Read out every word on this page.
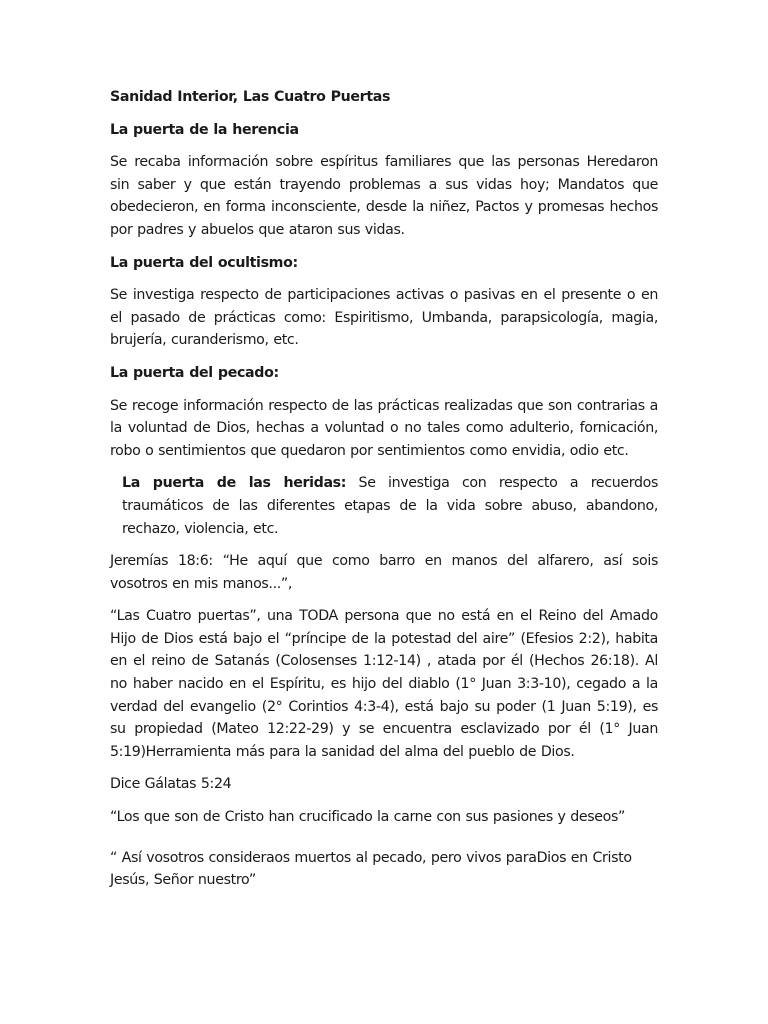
Sanidad Interior, Las Cuatro Puertas

La puerta de la herencia

Se recaba información sobre espíritus familiares que las personas Heredaron sin saber y que están trayendo problemas a sus vidas hoy; Mandatos que obedecieron, en forma inconsciente, desde la niñez, Pactos y promesas hechos por padres y abuelos que ataron sus vidas.

La puerta del ocultismo:

Se investiga respecto de participaciones activas o pasivas en el presente o en el pasado de prácticas como: Espiritismo, Umbanda, parapsicología, magia, brujería, curanderismo, etc.

La puerta del pecado:

Se recoge información respecto de las prácticas realizadas que son contrarias a la voluntad de Dios, hechas a voluntad o no tales como adulterio, fornicación, robo o sentimientos que quedaron por sentimientos como envidia, odio etc.

La puerta de las heridas: Se investiga con respecto a recuerdos traumáticos de las diferentes etapas de la vida sobre abuso, abandono, rechazo, violencia, etc.

Jeremías 18:6: “He aquí que como barro en manos del alfarero, así sois vosotros en mis manos...”,

“Las Cuatro puertas”, una TODA persona que no está en el Reino del Amado Hijo de Dios está bajo el “príncipe de la potestad del aire” (Efesios 2:2), habita en el reino de Satanás (Colosenses 1:12-14) , atada por él (Hechos 26:18). Al no haber nacido en el Espíritu, es hijo del diablo (1° Juan 3:3-10), cegado a la verdad del evangelio (2° Corintios 4:3-4), está bajo su poder (1 Juan 5:19), es su propiedad (Mateo 12:22-29) y se encuentra esclavizado por él (1° Juan 5:19)Herramienta más para la sanidad del alma del pueblo de Dios.

Dice Gálatas 5:24

“Los que son de Cristo han crucificado la carne con sus pasiones y deseos”

“ Así vosotros consideraos muertos al pecado, pero vivos paraDios en Cristo Jesús, Señor nuestro”
